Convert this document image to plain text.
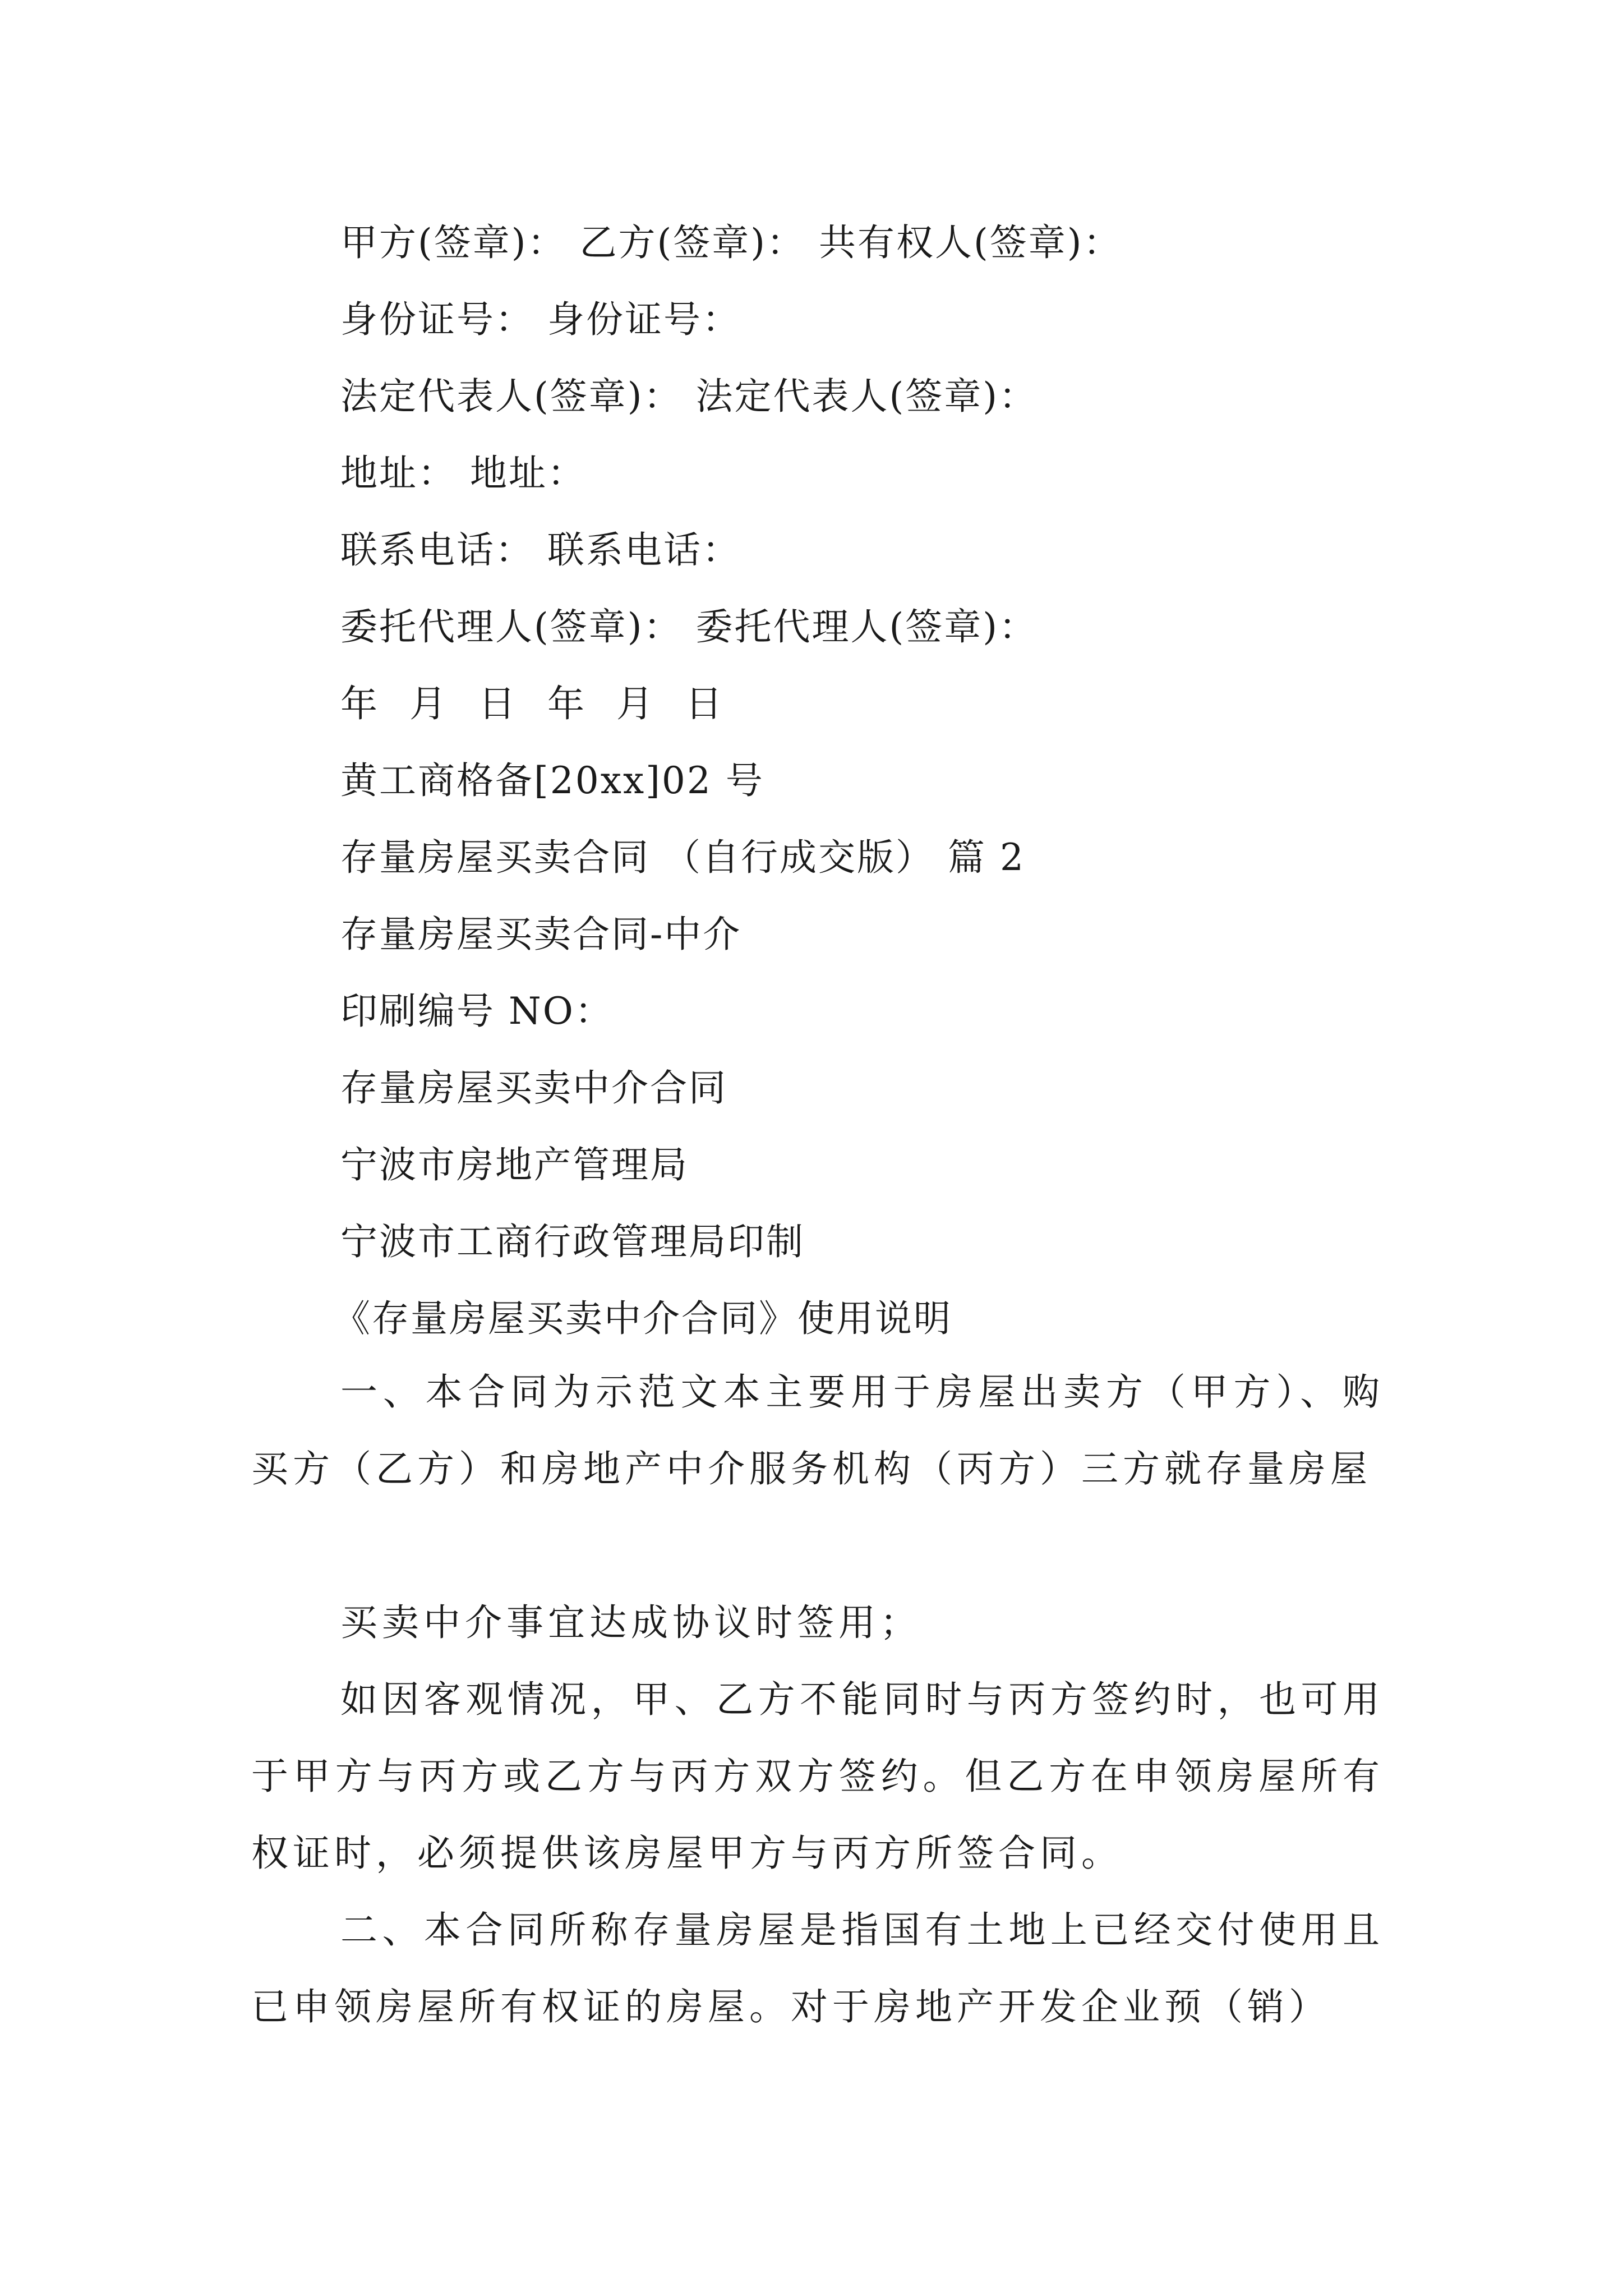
甲方(签章)： 乙方(签章)： 共有权人(签章)：
身份证号： 身份证号：
法定代表人(签章)： 法定代表人(签章)：
地址： 地址：
联系电话： 联系电话：
委托代理人(签章)： 委托代理人(签章)：
年 月 日 年 月 日
黄工商格备[20xx]02 号
存量房屋买卖合同 （自行成交版） 篇 2
存量房屋买卖合同-中介
印刷编号 NO：
存量房屋买卖中介合同
宁波市房地产管理局
宁波市工商行政管理局印制
《存量房屋买卖中介合同》使用说明

一、本合同为示范文本主要用于房屋出卖方（甲方）、购买方（乙方）和房地产中介服务机构（丙方）三方就存量房屋

买卖中介事宜达成协议时签用；

如因客观情况，甲、乙方不能同时与丙方签约时，也可用于甲方与丙方或乙方与丙方双方签约。但乙方在申领房屋所有权证时，必须提供该房屋甲方与丙方所签合同。

二、本合同所称存量房屋是指国有土地上已经交付使用且已申领房屋所有权证的房屋。对于房地产开发企业预（销）
